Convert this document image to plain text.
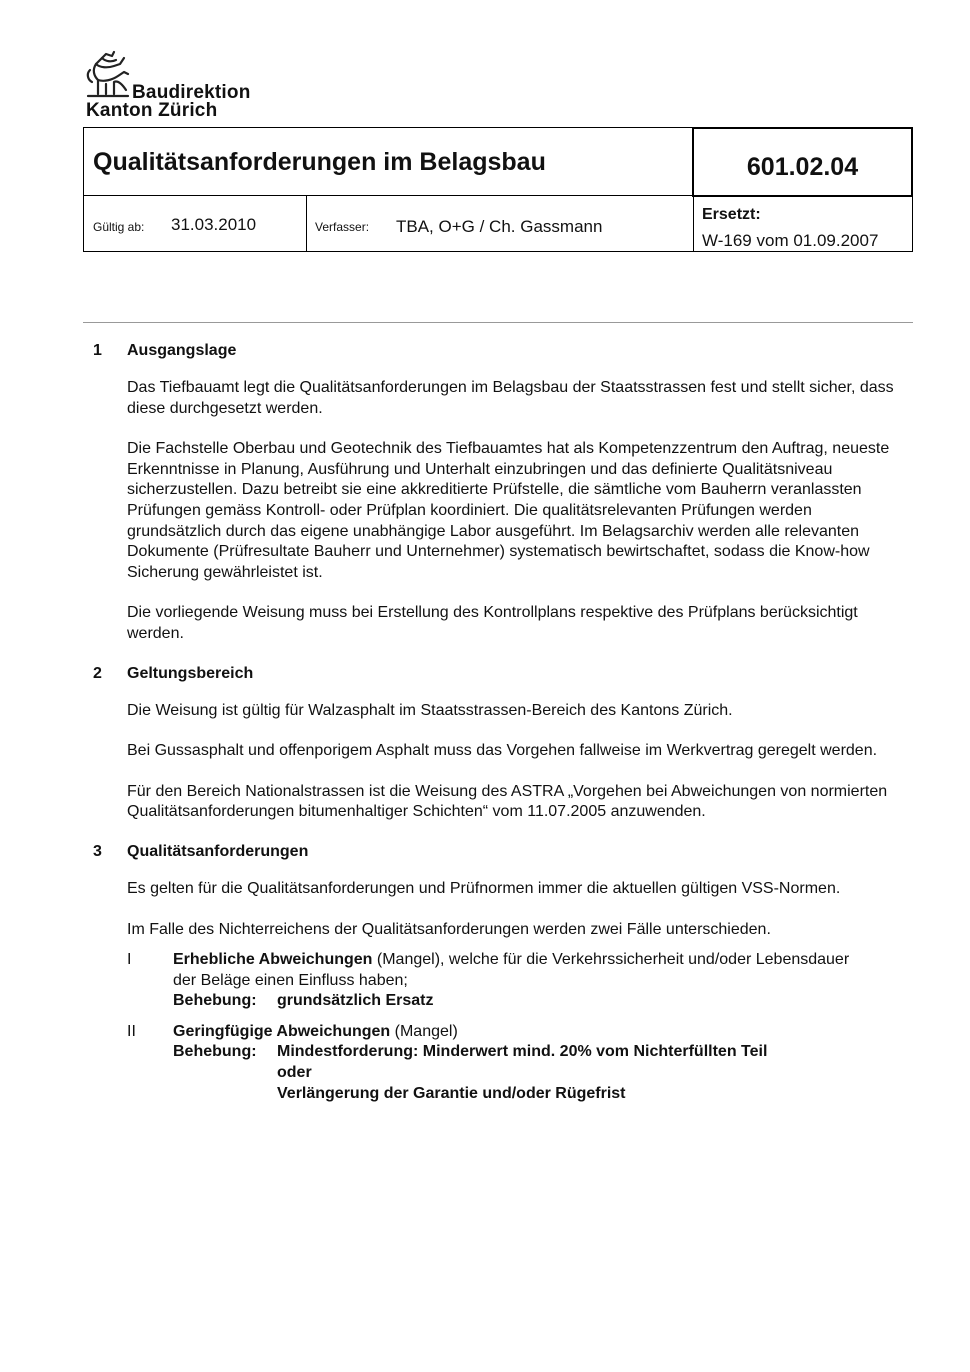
Baudirektion
Kanton Zürich
Qualitätsanforderungen im Belagsbau	601.02.04
Gültig ab: 31.03.2010	Verfasser: TBA, O+G / Ch. Gassmann
Ersetzt:
W-169 vom 01.09.2007
1 Ausgangslage

Das Tiefbauamt legt die Qualitätsanforderungen im Belagsbau der Staatsstrassen fest und stellt sicher, dass diese durchgesetzt werden.

Die Fachstelle Oberbau und Geotechnik des Tiefbauamtes hat als Kompetenzzentrum den Auftrag, neueste Erkenntnisse in Planung, Ausführung und Unterhalt einzubringen und das definierte Qualitätsniveau sicherzustellen. Dazu betreibt sie eine akkreditierte Prüfstelle, die sämtliche vom Bauherrn veranlassten Prüfungen gemäss Kontroll- oder Prüfplan koordiniert. Die qualitätsrelevanten Prüfungen werden grundsätzlich durch das eigene unabhängige Labor ausgeführt. Im Belagsarchiv werden alle relevanten Dokumente (Prüfresultate Bauherr und Unternehmer) systematisch bewirtschaftet, sodass die Know-how Sicherung gewährleistet ist.

Die vorliegende Weisung muss bei Erstellung des Kontrollplans respektive des Prüfplans berücksichtigt werden.

2 Geltungsbereich

Die Weisung ist gültig für Walzasphalt im Staatsstrassen-Bereich des Kantons Zürich.

Bei Gussasphalt und offenporigem Asphalt muss das Vorgehen fallweise im Werkvertrag geregelt werden.

Für den Bereich Nationalstrassen ist die Weisung des ASTRA „Vorgehen bei Abweichungen von normierten Qualitätsanforderungen bitumenhaltiger Schichten“ vom 11.07.2005 anzuwenden.

3 Qualitätsanforderungen

Es gelten für die Qualitätsanforderungen und Prüfnormen immer die aktuellen gültigen VSS-Normen.

Im Falle des Nichterreichens der Qualitätsanforderungen werden zwei Fälle unterschieden.

I	Erhebliche Abweichungen (Mangel), welche für die Verkehrssicherheit und/oder Lebensdauer der Beläge einen Einfluss haben;
Behebung:	grundsätzlich Ersatz
II Geringfügige Abweichungen (Mangel)
Behebung:	Mindestforderung: Minderwert mind. 20% vom Nichterfüllten Teil
oder
Verlängerung der Garantie und/oder Rügefrist
